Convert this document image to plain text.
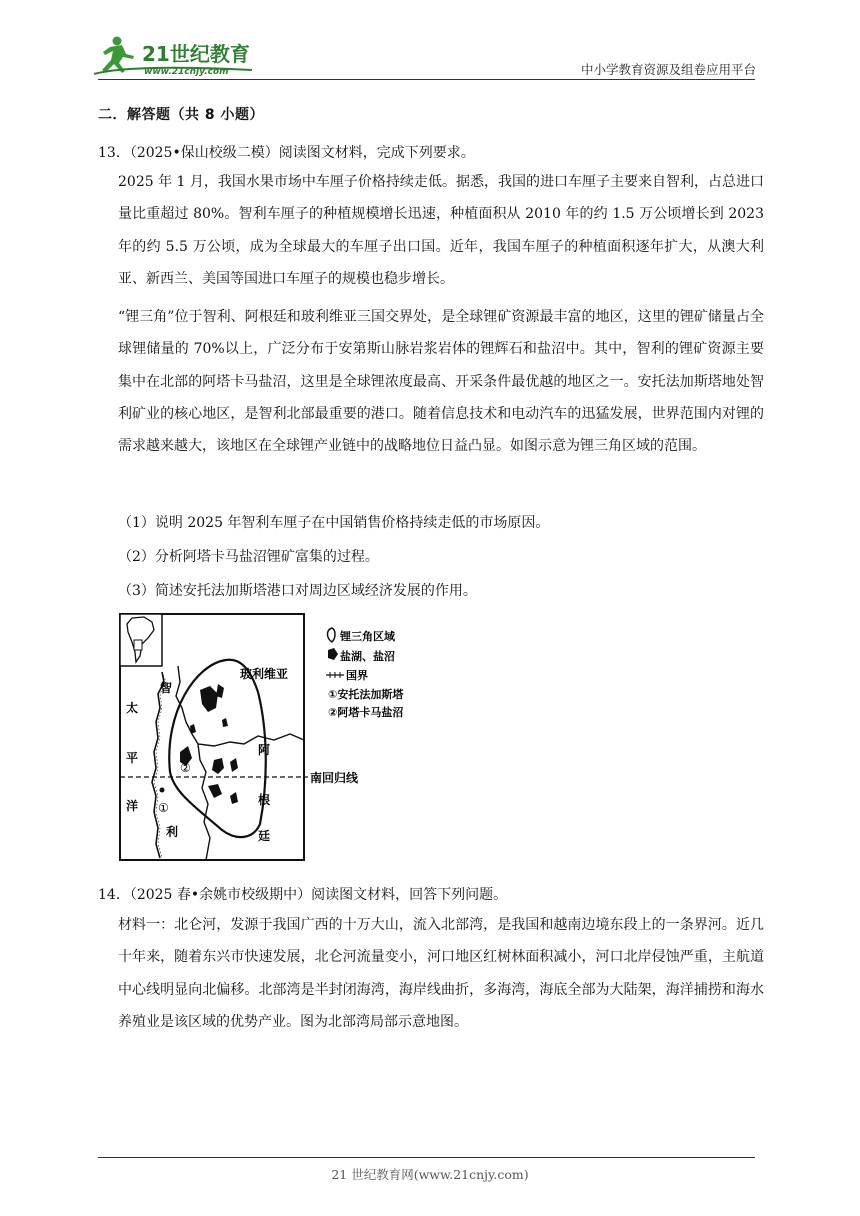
21世纪教育
www.21cnjy.com	中小学教育资源及组卷应用平台
二．解答题（共 8 小题）
13．（2025•保山校级二模）阅读图文材料，完成下列要求。

2025 年 1 月，我国水果市场中车厘子价格持续走低。据悉，我国的进口车厘子主要来自智利，占总进口量比重超过 80%。智利车厘子的种植规模增长迅速，种植面积从 2010 年的约 1.5 万公顷增长到 2023 年的约 5.5 万公顷，成为全球最大的车厘子出口国。近年，我国车厘子的种植面积逐年扩大，从澳大利亚、新西兰、美国等国进口车厘子的规模也稳步增长。

“锂三角”位于智利、阿根廷和玻利维亚三国交界处，是全球锂矿资源最丰富的地区，这里的锂矿储量占全球锂储量的 70%以上，广泛分布于安第斯山脉岩浆岩体的锂辉石和盐沼中。其中，智利的锂矿资源主要集中在北部的阿塔卡马盐沼，这里是全球锂浓度最高、开采条件最优越的地区之一。安托法加斯塔地处智利矿业的核心地区，是智利北部最重要的港口。随着信息技术和电动汽车的迅猛发展，世界范围内对锂的需求越来越大，该地区在全球锂产业链中的战略地位日益凸显。如图示意为锂三角区域的范围。

（1）说明 2025 年智利车厘子在中国销售价格持续走低的市场原因。
（2）分析阿塔卡马盐沼锂矿富集的过程。
（3）简述安托法加斯塔港口对周边区域经济发展的作用。
①
②
玻利维亚
智
利
太
平
洋
阿
根
廷
南回归线
锂三角区域
盐湖、盐沼
国界
①安托法加斯塔
②阿塔卡马盐沼
14．（2025 春•余姚市校级期中）阅读图文材料，回答下列问题。

材料一：北仑河，发源于我国广西的十万大山，流入北部湾，是我国和越南边境东段上的一条界河。近几十年来，随着东兴市快速发展，北仑河流量变小，河口地区红树林面积减小，河口北岸侵蚀严重，主航道中心线明显向北偏移。北部湾是半封闭海湾，海岸线曲折，多海湾，海底全部为大陆架，海洋捕捞和海水养殖业是该区域的优势产业。图为北部湾局部示意地图。

21 世纪教育网(www.21cnjy.com)
